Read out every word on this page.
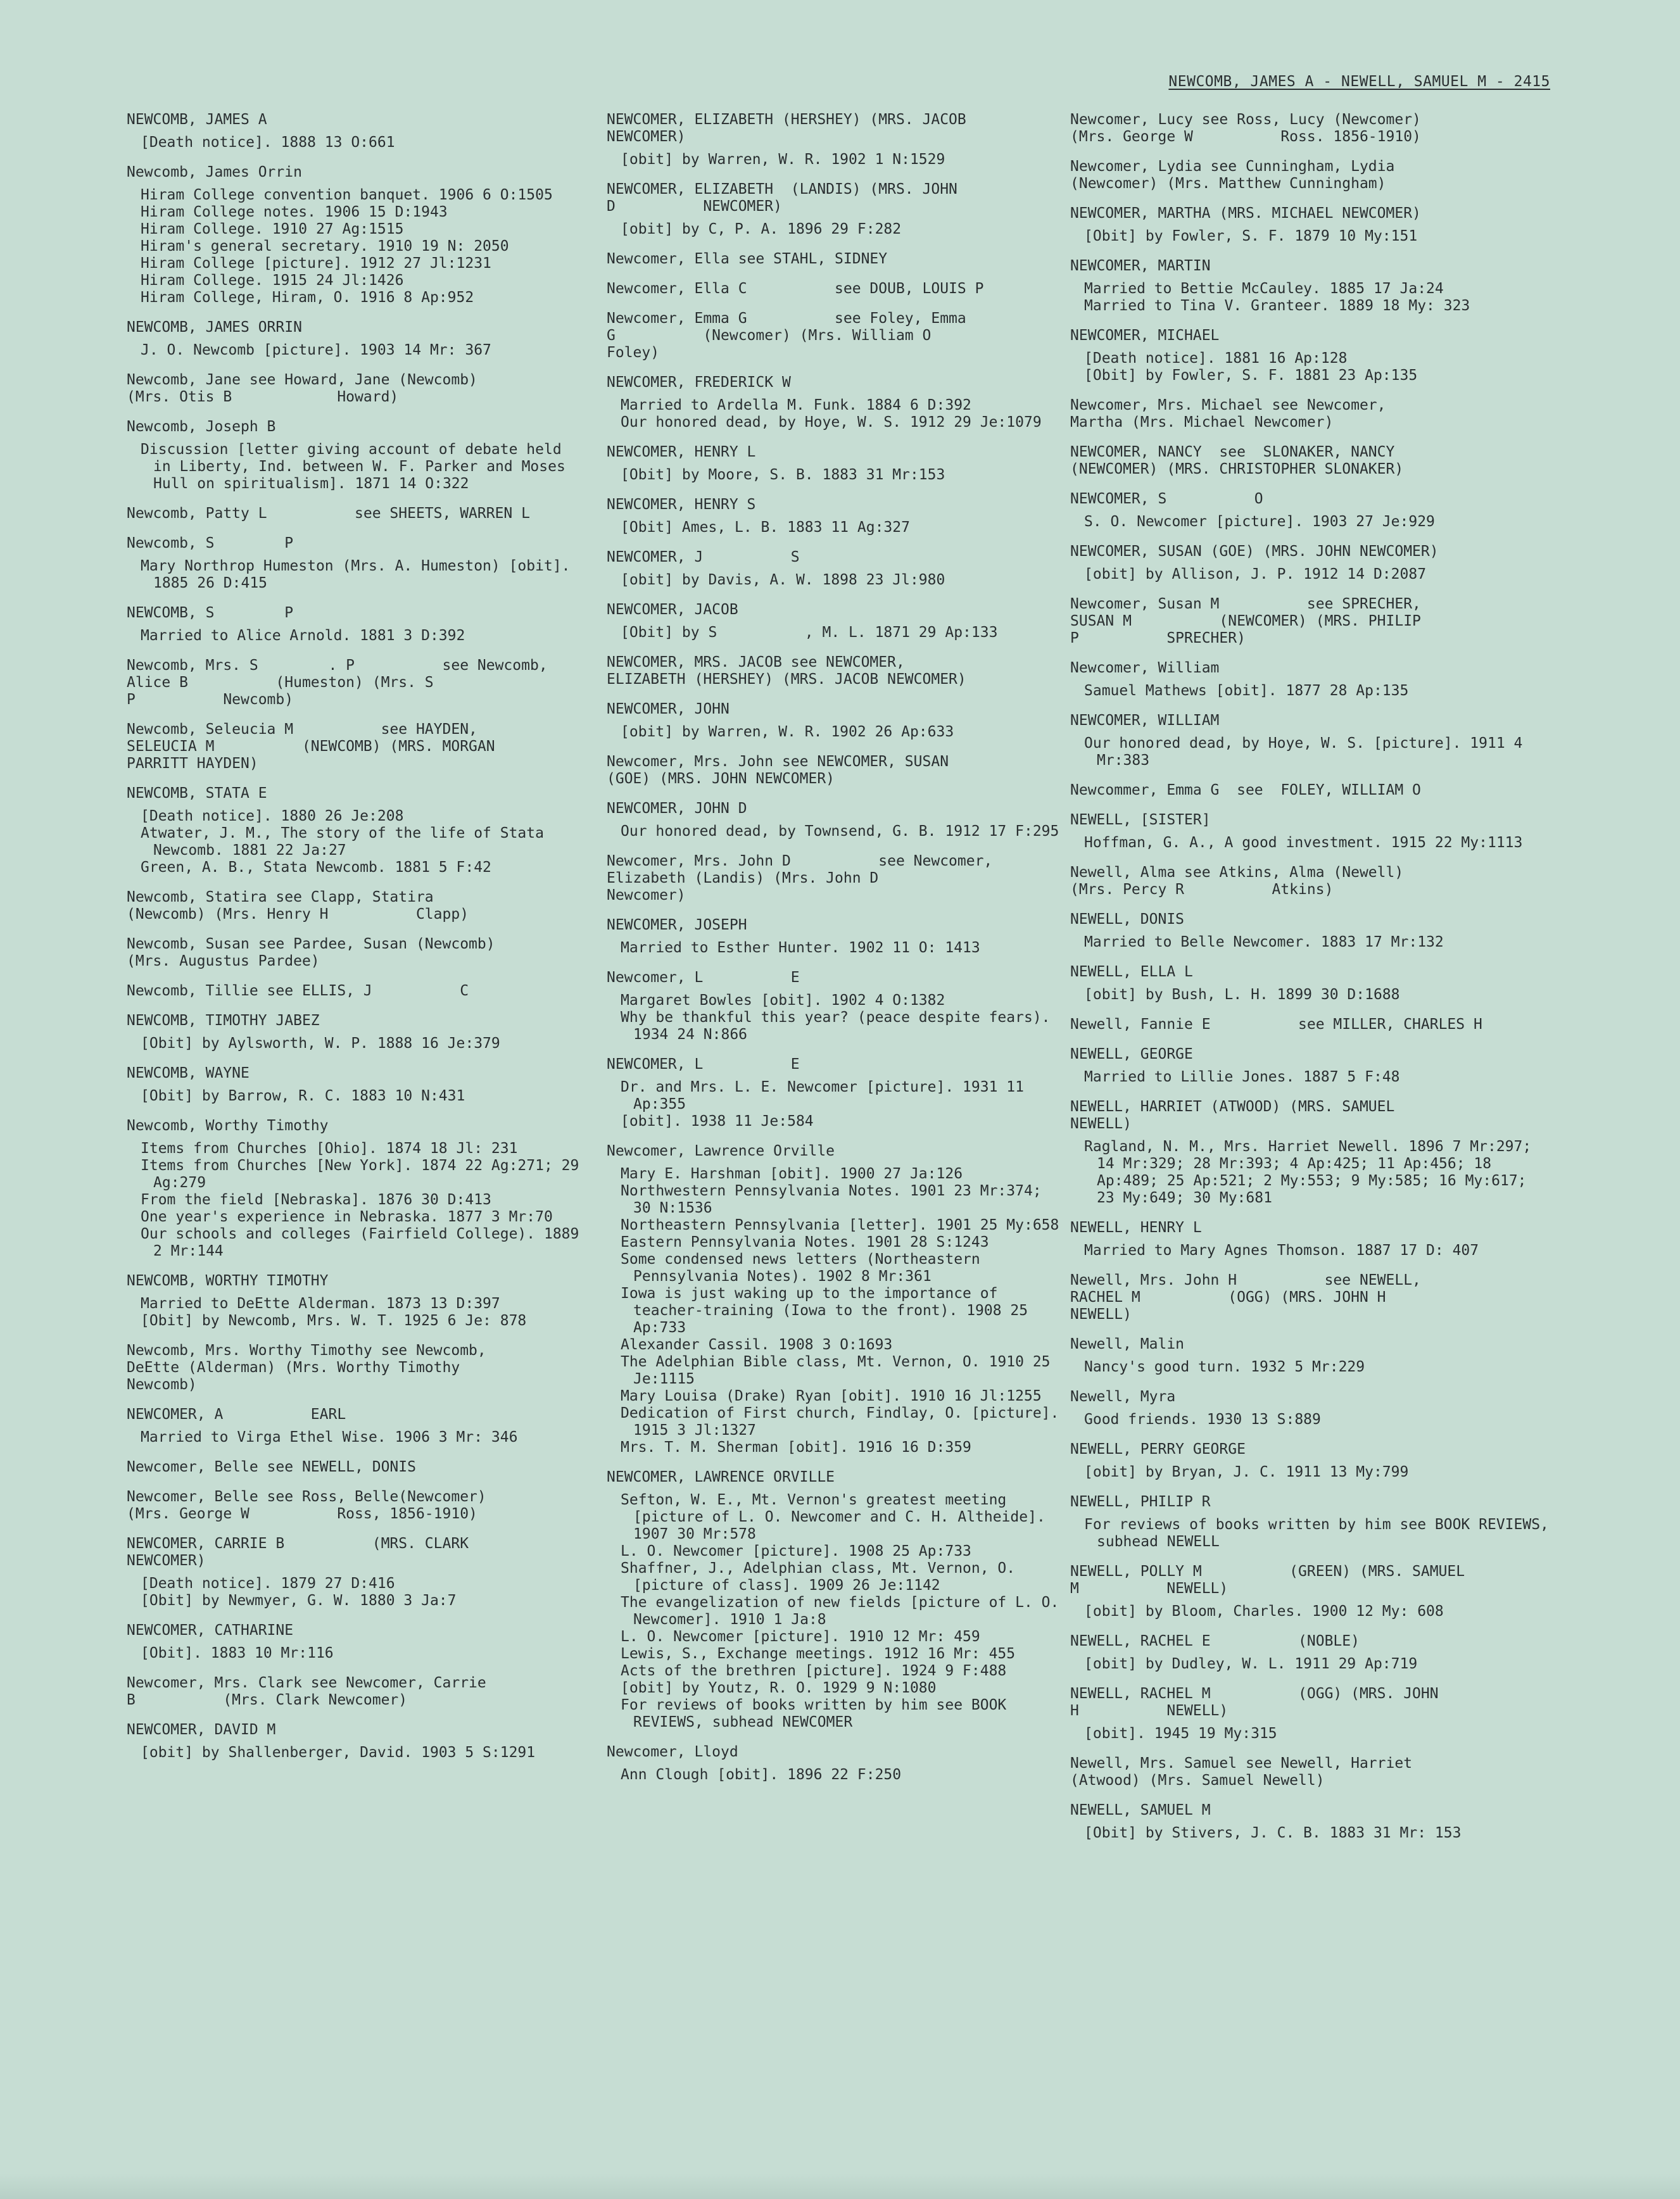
NEWCOMB, JAMES A - NEWELL, SAMUEL M - 2415
NEWCOMB, JAMES A
[Death notice]. 1888 13 O:661
Newcomb, James Orrin
Hiram College convention banquet. 1906 6 O:1505
Hiram College notes. 1906 15 D:1943
Hiram College. 1910 27 Ag:1515
Hiram's general secretary. 1910 19 N: 2050
Hiram College [picture]. 1912 27 Jl:1231
Hiram College. 1915 24 Jl:1426
Hiram College, Hiram, O. 1916 8 Ap:952
NEWCOMB, JAMES ORRIN
J. O. Newcomb [picture]. 1903 14 Mr: 367
Newcomb, Jane see Howard, Jane (Newcomb)
(Mrs. Otis B            Howard)
Newcomb, Joseph B
Discussion [letter giving account of debate held in Liberty, Ind. between W. F. Parker and Moses Hull on spiritualism]. 1871 14 O:322
Newcomb, Patty L          see SHEETS, WARREN L
Newcomb, S        P
Mary Northrop Humeston (Mrs. A. Humeston) [obit]. 1885 26 D:415
NEWCOMB, S        P
Married to Alice Arnold. 1881 3 D:392
Newcomb, Mrs. S        . P          see Newcomb,
Alice B          (Humeston) (Mrs. S
P          Newcomb)
Newcomb, Seleucia M          see HAYDEN,
SELEUCIA M          (NEWCOMB) (MRS. MORGAN
PARRITT HAYDEN)
NEWCOMB, STATA E
[Death notice]. 1880 26 Je:208
Atwater, J. M., The story of the life of Stata Newcomb. 1881 22 Ja:27
Green, A. B., Stata Newcomb. 1881 5 F:42
Newcomb, Statira see Clapp, Statira
(Newcomb) (Mrs. Henry H          Clapp)
Newcomb, Susan see Pardee, Susan (Newcomb)
(Mrs. Augustus Pardee)
Newcomb, Tillie see ELLIS, J          C
NEWCOMB, TIMOTHY JABEZ
[Obit] by Aylsworth, W. P. 1888 16 Je:379
NEWCOMB, WAYNE
[Obit] by Barrow, R. C. 1883 10 N:431
Newcomb, Worthy Timothy
Items from Churches [Ohio]. 1874 18 Jl: 231
Items from Churches [New York]. 1874 22 Ag:271; 29 Ag:279
From the field [Nebraska]. 1876 30 D:413
One year's experience in Nebraska. 1877 3 Mr:70
Our schools and colleges (Fairfield College). 1889 2 Mr:144
NEWCOMB, WORTHY TIMOTHY
Married to DeEtte Alderman. 1873 13 D:397
[Obit] by Newcomb, Mrs. W. T. 1925 6 Je: 878
Newcomb, Mrs. Worthy Timothy see Newcomb,
DeEtte (Alderman) (Mrs. Worthy Timothy
Newcomb)
NEWCOMER, A          EARL
Married to Virga Ethel Wise. 1906 3 Mr: 346
Newcomer, Belle see NEWELL, DONIS
Newcomer, Belle see Ross, Belle(Newcomer)
(Mrs. George W          Ross, 1856-1910)
NEWCOMER, CARRIE B          (MRS. CLARK
NEWCOMER)
[Death notice]. 1879 27 D:416
[Obit] by Newmyer, G. W. 1880 3 Ja:7
NEWCOMER, CATHARINE
[Obit]. 1883 10 Mr:116
Newcomer, Mrs. Clark see Newcomer, Carrie
B          (Mrs. Clark Newcomer)
NEWCOMER, DAVID M
[obit] by Shallenberger, David. 1903 5 S:1291
NEWCOMER, ELIZABETH (HERSHEY) (MRS. JACOB
NEWCOMER)
[obit] by Warren, W. R. 1902 1 N:1529
NEWCOMER, ELIZABETH  (LANDIS) (MRS. JOHN
D          NEWCOMER)
[obit] by C, P. A. 1896 29 F:282
Newcomer, Ella see STAHL, SIDNEY
Newcomer, Ella C          see DOUB, LOUIS P
Newcomer, Emma G          see Foley, Emma
G          (Newcomer) (Mrs. William O
Foley)
NEWCOMER, FREDERICK W
Married to Ardella M. Funk. 1884 6 D:392
Our honored dead, by Hoye, W. S. 1912 29 Je:1079
NEWCOMER, HENRY L
[Obit] by Moore, S. B. 1883 31 Mr:153
NEWCOMER, HENRY S
[Obit] Ames, L. B. 1883 11 Ag:327
NEWCOMER, J          S
[obit] by Davis, A. W. 1898 23 Jl:980
NEWCOMER, JACOB
[Obit] by S          , M. L. 1871 29 Ap:133
NEWCOMER, MRS. JACOB see NEWCOMER,
ELIZABETH (HERSHEY) (MRS. JACOB NEWCOMER)
NEWCOMER, JOHN
[obit] by Warren, W. R. 1902 26 Ap:633
Newcomer, Mrs. John see NEWCOMER, SUSAN
(GOE) (MRS. JOHN NEWCOMER)
NEWCOMER, JOHN D
Our honored dead, by Townsend, G. B. 1912 17 F:295
Newcomer, Mrs. John D          see Newcomer,
Elizabeth (Landis) (Mrs. John D
Newcomer)
NEWCOMER, JOSEPH
Married to Esther Hunter. 1902 11 O: 1413
Newcomer, L          E
Margaret Bowles [obit]. 1902 4 O:1382
Why be thankful this year? (peace despite fears). 1934 24 N:866
NEWCOMER, L          E
Dr. and Mrs. L. E. Newcomer [picture]. 1931 11 Ap:355
[obit]. 1938 11 Je:584
Newcomer, Lawrence Orville
Mary E. Harshman [obit]. 1900 27 Ja:126
Northwestern Pennsylvania Notes. 1901 23 Mr:374; 30 N:1536
Northeastern Pennsylvania [letter]. 1901 25 My:658
Eastern Pennsylvania Notes. 1901 28 S:1243
Some condensed news letters (Northeastern Pennsylvania Notes). 1902 8 Mr:361
Iowa is just waking up to the importance of teacher-training (Iowa to the front). 1908 25 Ap:733
Alexander Cassil. 1908 3 O:1693
The Adelphian Bible class, Mt. Vernon, O. 1910 25 Je:1115
Mary Louisa (Drake) Ryan [obit]. 1910 16 Jl:1255
Dedication of First church, Findlay, O. [picture]. 1915 3 Jl:1327
Mrs. T. M. Sherman [obit]. 1916 16 D:359
NEWCOMER, LAWRENCE ORVILLE
Sefton, W. E., Mt. Vernon's greatest meeting [picture of L. O. Newcomer and C. H. Altheide]. 1907 30 Mr:578
L. O. Newcomer [picture]. 1908 25 Ap:733
Shaffner, J., Adelphian class, Mt. Vernon, O. [picture of class]. 1909 26 Je:1142
The evangelization of new fields [picture of L. O. Newcomer]. 1910 1 Ja:8
L. O. Newcomer [picture]. 1910 12 Mr: 459
Lewis, S., Exchange meetings. 1912 16 Mr: 455
Acts of the brethren [picture]. 1924 9 F:488
[obit] by Youtz, R. O. 1929 9 N:1080
For reviews of books written by him see BOOK REVIEWS, subhead NEWCOMER
Newcomer, Lloyd
Ann Clough [obit]. 1896 22 F:250
Newcomer, Lucy see Ross, Lucy (Newcomer)
(Mrs. George W          Ross. 1856-1910)
Newcomer, Lydia see Cunningham, Lydia
(Newcomer) (Mrs. Matthew Cunningham)
NEWCOMER, MARTHA (MRS. MICHAEL NEWCOMER)
[Obit] by Fowler, S. F. 1879 10 My:151
NEWCOMER, MARTIN
Married to Bettie McCauley. 1885 17 Ja:24
Married to Tina V. Granteer. 1889 18 My: 323
NEWCOMER, MICHAEL
[Death notice]. 1881 16 Ap:128
[Obit] by Fowler, S. F. 1881 23 Ap:135
Newcomer, Mrs. Michael see Newcomer,
Martha (Mrs. Michael Newcomer)
NEWCOMER, NANCY  see  SLONAKER, NANCY
(NEWCOMER) (MRS. CHRISTOPHER SLONAKER)
NEWCOMER, S          O
S. O. Newcomer [picture]. 1903 27 Je:929
NEWCOMER, SUSAN (GOE) (MRS. JOHN NEWCOMER)
[obit] by Allison, J. P. 1912 14 D:2087
Newcomer, Susan M          see SPRECHER,
SUSAN M          (NEWCOMER) (MRS. PHILIP
P          SPRECHER)
Newcomer, William
Samuel Mathews [obit]. 1877 28 Ap:135
NEWCOMER, WILLIAM
Our honored dead, by Hoye, W. S. [picture]. 1911 4 Mr:383
Newcommer, Emma G  see  FOLEY, WILLIAM O
NEWELL, [SISTER]
Hoffman, G. A., A good investment. 1915 22 My:1113
Newell, Alma see Atkins, Alma (Newell)
(Mrs. Percy R          Atkins)
NEWELL, DONIS
Married to Belle Newcomer. 1883 17 Mr:132
NEWELL, ELLA L
[obit] by Bush, L. H. 1899 30 D:1688
Newell, Fannie E          see MILLER, CHARLES H
NEWELL, GEORGE
Married to Lillie Jones. 1887 5 F:48
NEWELL, HARRIET (ATWOOD) (MRS. SAMUEL
NEWELL)
Ragland, N. M., Mrs. Harriet Newell. 1896 7 Mr:297; 14 Mr:329; 28 Mr:393; 4 Ap:425; 11 Ap:456; 18 Ap:489; 25 Ap:521; 2 My:553; 9 My:585; 16 My:617; 23 My:649; 30 My:681
NEWELL, HENRY L
Married to Mary Agnes Thomson. 1887 17 D: 407
Newell, Mrs. John H          see NEWELL,
RACHEL M          (OGG) (MRS. JOHN H
NEWELL)
Newell, Malin
Nancy's good turn. 1932 5 Mr:229
Newell, Myra
Good friends. 1930 13 S:889
NEWELL, PERRY GEORGE
[obit] by Bryan, J. C. 1911 13 My:799
NEWELL, PHILIP R
For reviews of books written by him see BOOK REVIEWS, subhead NEWELL
NEWELL, POLLY M          (GREEN) (MRS. SAMUEL
M          NEWELL)
[obit] by Bloom, Charles. 1900 12 My: 608
NEWELL, RACHEL E          (NOBLE)
[obit] by Dudley, W. L. 1911 29 Ap:719
NEWELL, RACHEL M          (OGG) (MRS. JOHN
H          NEWELL)
[obit]. 1945 19 My:315
Newell, Mrs. Samuel see Newell, Harriet
(Atwood) (Mrs. Samuel Newell)
NEWELL, SAMUEL M
[Obit] by Stivers, J. C. B. 1883 31 Mr: 153
